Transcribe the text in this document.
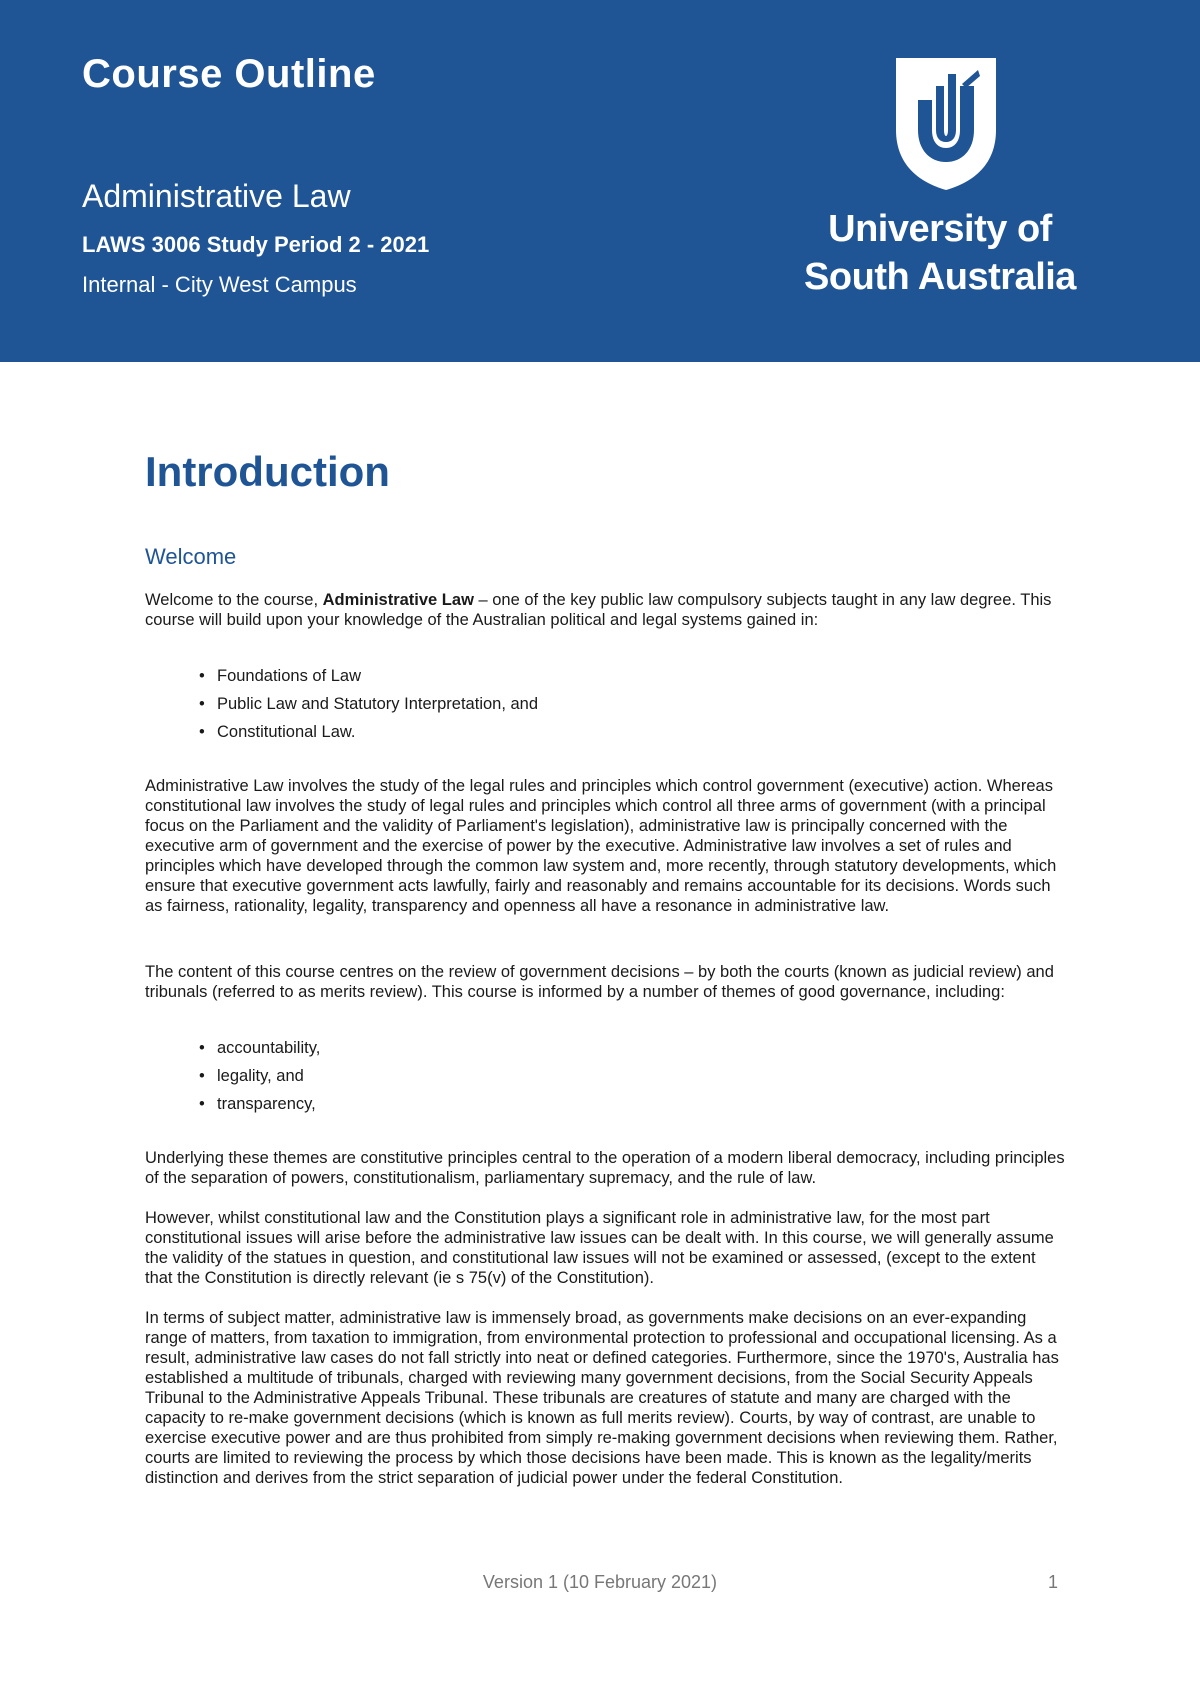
Course Outline
Administrative Law
LAWS 3006 Study Period 2 - 2021
Internal - City West Campus
University of
South Australia
Introduction
Welcome

Welcome to the course, Administrative Law – one of the key public law compulsory subjects taught in any law degree. This course will build upon your knowledge of the Australian political and legal systems gained in:

• Foundations of Law
• Public Law and Statutory Interpretation, and
• Constitutional Law.

Administrative Law involves the study of the legal rules and principles which control government (executive) action. Whereas constitutional law involves the study of legal rules and principles which control all three arms of government (with a principal focus on the Parliament and the validity of Parliament's legislation), administrative law is principally concerned with the executive arm of government and the exercise of power by the executive. Administrative law involves a set of rules and principles which have developed through the common law system and, more recently, through statutory developments, which ensure that executive government acts lawfully, fairly and reasonably and remains accountable for its decisions. Words such as fairness, rationality, legality, transparency and openness all have a resonance in administrative law.

The content of this course centres on the review of government decisions – by both the courts (known as judicial review) and tribunals (referred to as merits review). This course is informed by a number of themes of good governance, including:

• accountability,
• legality, and
• transparency,

Underlying these themes are constitutive principles central to the operation of a modern liberal democracy, including principles of the separation of powers, constitutionalism, parliamentary supremacy, and the rule of law.

However, whilst constitutional law and the Constitution plays a significant role in administrative law, for the most part constitutional issues will arise before the administrative law issues can be dealt with. In this course, we will generally assume the validity of the statues in question, and constitutional law issues will not be examined or assessed, (except to the extent that the Constitution is directly relevant (ie s 75(v) of the Constitution).

In terms of subject matter, administrative law is immensely broad, as governments make decisions on an ever-expanding range of matters, from taxation to immigration, from environmental protection to professional and occupational licensing. As a result, administrative law cases do not fall strictly into neat or defined categories. Furthermore, since the 1970's, Australia has established a multitude of tribunals, charged with reviewing many government decisions, from the Social Security Appeals Tribunal to the Administrative Appeals Tribunal. These tribunals are creatures of statute and many are charged with the capacity to re-make government decisions (which is known as full merits review). Courts, by way of contrast, are unable to exercise executive power and are thus prohibited from simply re-making government decisions when reviewing them. Rather, courts are limited to reviewing the process by which those decisions have been made. This is known as the legality/merits distinction and derives from the strict separation of judicial power under the federal Constitution.

Version 1 (10 February 2021)	1
